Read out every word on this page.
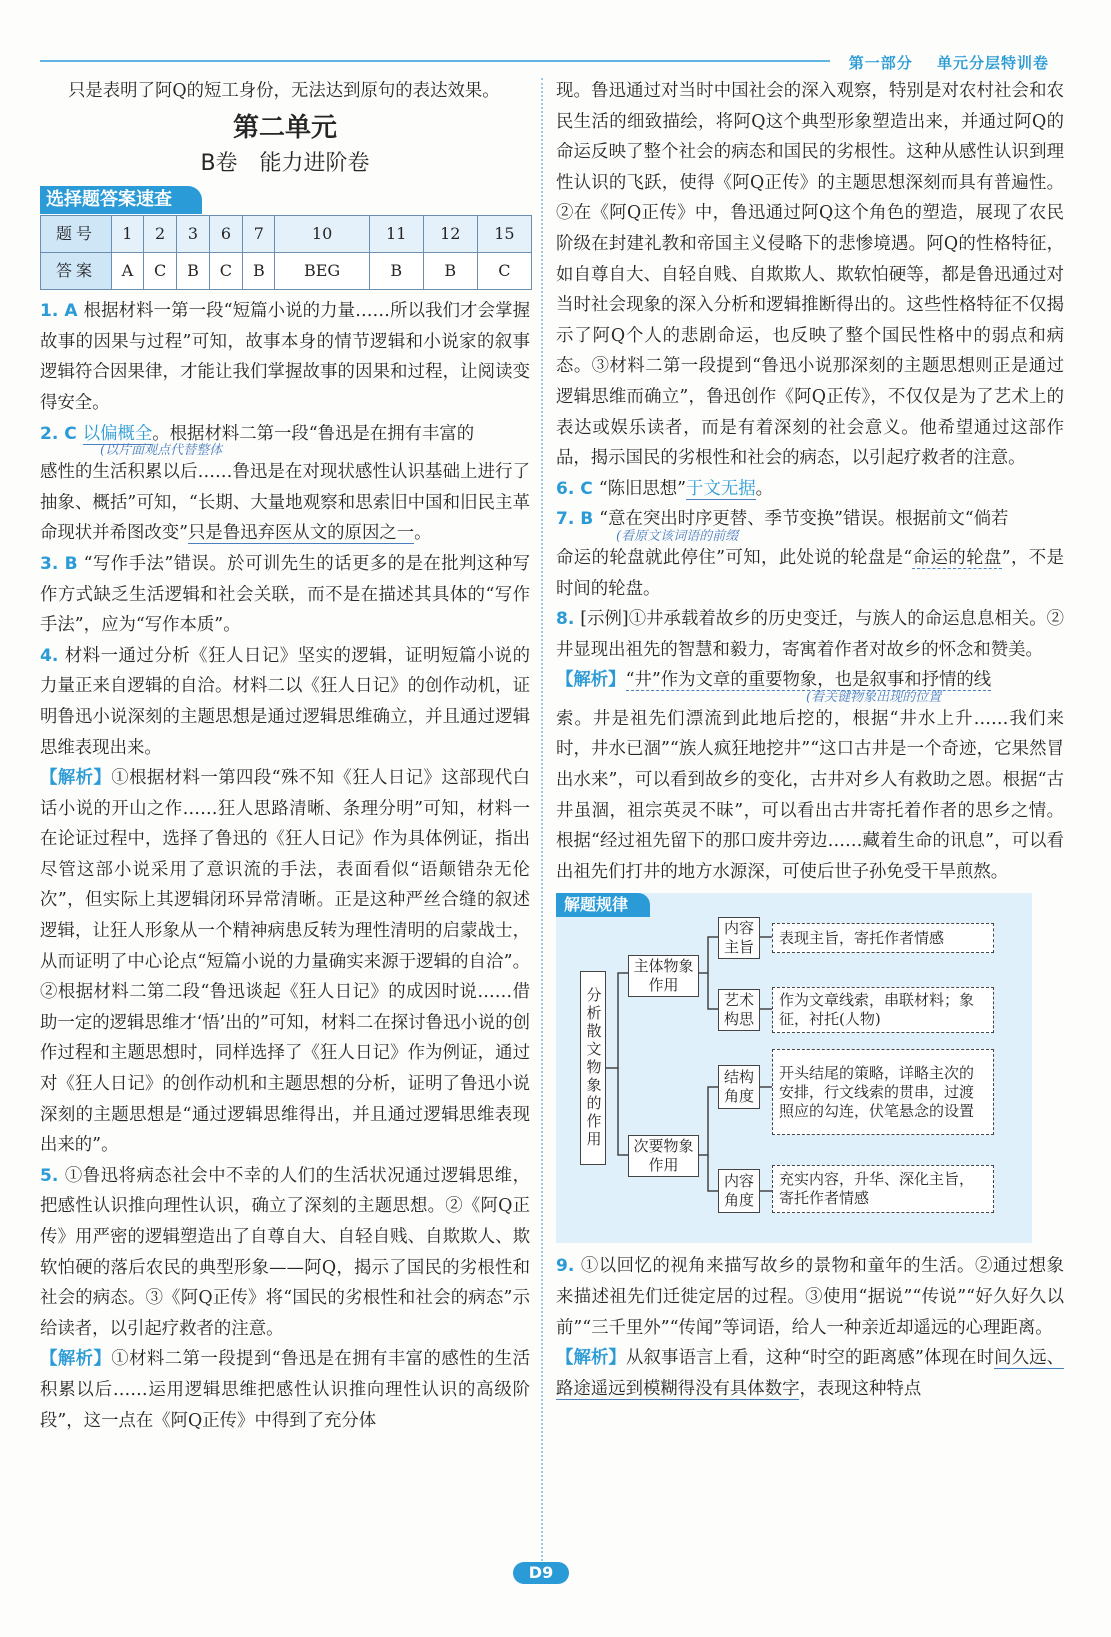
第一部分 单元分层特训卷

只是表明了阿Q的短工身份，无法达到原句的表达效果。

第二单元
B卷　能力进阶卷
选择题答案速查
题号	1	2	3	6	7	10	11	12	15
答案	A	C	B	C	B	BEG	B	B	C

1. A 根据材料一第一段“短篇小说的力量……所以我们才会掌握故事的因果与过程”可知，故事本身的情节逻辑和小说家的叙事逻辑符合因果律，才能让我们掌握故事的因果和过程，让阅读变得安全。

2. C 以偏概全。根据材料二第一段“鲁迅是在拥有丰富的

(以片面观点代替整体

感性的生活积累以后……鲁迅是在对现状感性认识基础上进行了抽象、概括”可知，“长期、大量地观察和思索旧中国和旧民主革命现状并希图改变”只是鲁迅弃医从文的原因之一。

3. B “写作手法”错误。於可训先生的话更多的是在批判这种写作方式缺乏生活逻辑和社会关联，而不是在描述其具体的“写作手法”，应为“写作本质”。

4. 材料一通过分析《狂人日记》坚实的逻辑，证明短篇小说的力量正来自逻辑的自洽。材料二以《狂人日记》的创作动机，证明鲁迅小说深刻的主题思想是通过逻辑思维确立，并且通过逻辑思维表现出来。

【解析】①根据材料一第四段“殊不知《狂人日记》这部现代白话小说的开山之作……狂人思路清晰、条理分明”可知，材料一在论证过程中，选择了鲁迅的《狂人日记》作为具体例证，指出尽管这部小说采用了意识流的手法，表面看似“语颠错杂无伦次”，但实际上其逻辑闭环异常清晰。正是这种严丝合缝的叙述逻辑，让狂人形象从一个精神病患反转为理性清明的启蒙战士，从而证明了中心论点“短篇小说的力量确实来源于逻辑的自洽”。②根据材料二第二段“鲁迅谈起《狂人日记》的成因时说……借助一定的逻辑思维才‘悟’出的”可知，材料二在探讨鲁迅小说的创作过程和主题思想时，同样选择了《狂人日记》作为例证，通过对《狂人日记》的创作动机和主题思想的分析，证明了鲁迅小说深刻的主题思想是“通过逻辑思维得出，并且通过逻辑思维表现出来的”。

5. ①鲁迅将病态社会中不幸的人们的生活状况通过逻辑思维，把感性认识推向理性认识，确立了深刻的主题思想。②《阿Q正传》用严密的逻辑塑造出了自尊自大、自轻自贱、自欺欺人、欺软怕硬的落后农民的典型形象——阿Q，揭示了国民的劣根性和社会的病态。③《阿Q正传》将“国民的劣根性和社会的病态”示给读者，以引起疗救者的注意。

【解析】①材料二第一段提到“鲁迅是在拥有丰富的感性的生活积累以后……运用逻辑思维把感性认识推向理性认识的高级阶段”，这一点在《阿Q正传》中得到了充分体

现。鲁迅通过对当时中国社会的深入观察，特别是对农村社会和农民生活的细致描绘，将阿Q这个典型形象塑造出来，并通过阿Q的命运反映了整个社会的病态和国民的劣根性。这种从感性认识到理性认识的飞跃，使得《阿Q正传》的主题思想深刻而具有普遍性。②在《阿Q正传》中，鲁迅通过阿Q这个角色的塑造，展现了农民阶级在封建礼教和帝国主义侵略下的悲惨境遇。阿Q的性格特征，如自尊自大、自轻自贱、自欺欺人、欺软怕硬等，都是鲁迅通过对当时社会现象的深入分析和逻辑推断得出的。这些性格特征不仅揭示了阿Q个人的悲剧命运，也反映了整个国民性格中的弱点和病态。③材料二第一段提到“鲁迅小说那深刻的主题思想则正是通过逻辑思维而确立”，鲁迅创作《阿Q正传》，不仅仅是为了艺术上的表达或娱乐读者，而是有着深刻的社会意义。他希望通过这部作品，揭示国民的劣根性和社会的病态，以引起疗救者的注意。

6. C “陈旧思想”于文无据。

7. B “意在突出时序更替、季节变换”错误。根据前文“倘若

(看原文该词语的前缀

命运的轮盘就此停住”可知，此处说的轮盘是“命运的轮盘”，不是时间的轮盘。

8. [示例]①井承载着故乡的历史变迁，与族人的命运息息相关。②井显现出祖先的智慧和毅力，寄寓着作者对故乡的怀念和赞美。

【解析】“井”作为文章的重要物象，也是叙事和抒情的线

(看关键物象出现的位置

索。井是祖先们漂流到此地后挖的，根据“井水上升……我们来时，井水已涸”“族人疯狂地挖井”“这口古井是一个奇迹，它果然冒出水来”，可以看到故乡的变化，古井对乡人有救助之恩。根据“古井虽涸，祖宗英灵不昧”，可以看出古井寄托着作者的思乡之情。根据“经过祖先留下的那口废井旁边……藏着生命的讯息”，可以看出祖先们打井的地方水源深，可使后世子孙免受干旱煎熬。

解题规律
分析散文物象的作用
主体物象作用
次要物象作用
内容主旨
艺术构思
结构角度
内容角度
表现主旨，寄托作者情感
作为文章线索，串联材料；象征，衬托(人物)
开头结尾的策略，详略主次的安排，行文线索的贯串，过渡照应的勾连，伏笔悬念的设置
充实内容，升华、深化主旨，寄托作者情感

9. ①以回忆的视角来描写故乡的景物和童年的生活。②通过想象来描述祖先们迁徙定居的过程。③使用“据说”“传说”“好久好久以前”“三千里外”“传闻”等词语，给人一种亲近却遥远的心理距离。

【解析】从叙事语言上看，这种“时空的距离感”体现在时间久远、路途遥远到模糊得没有具体数字，表现这种特点

D9
